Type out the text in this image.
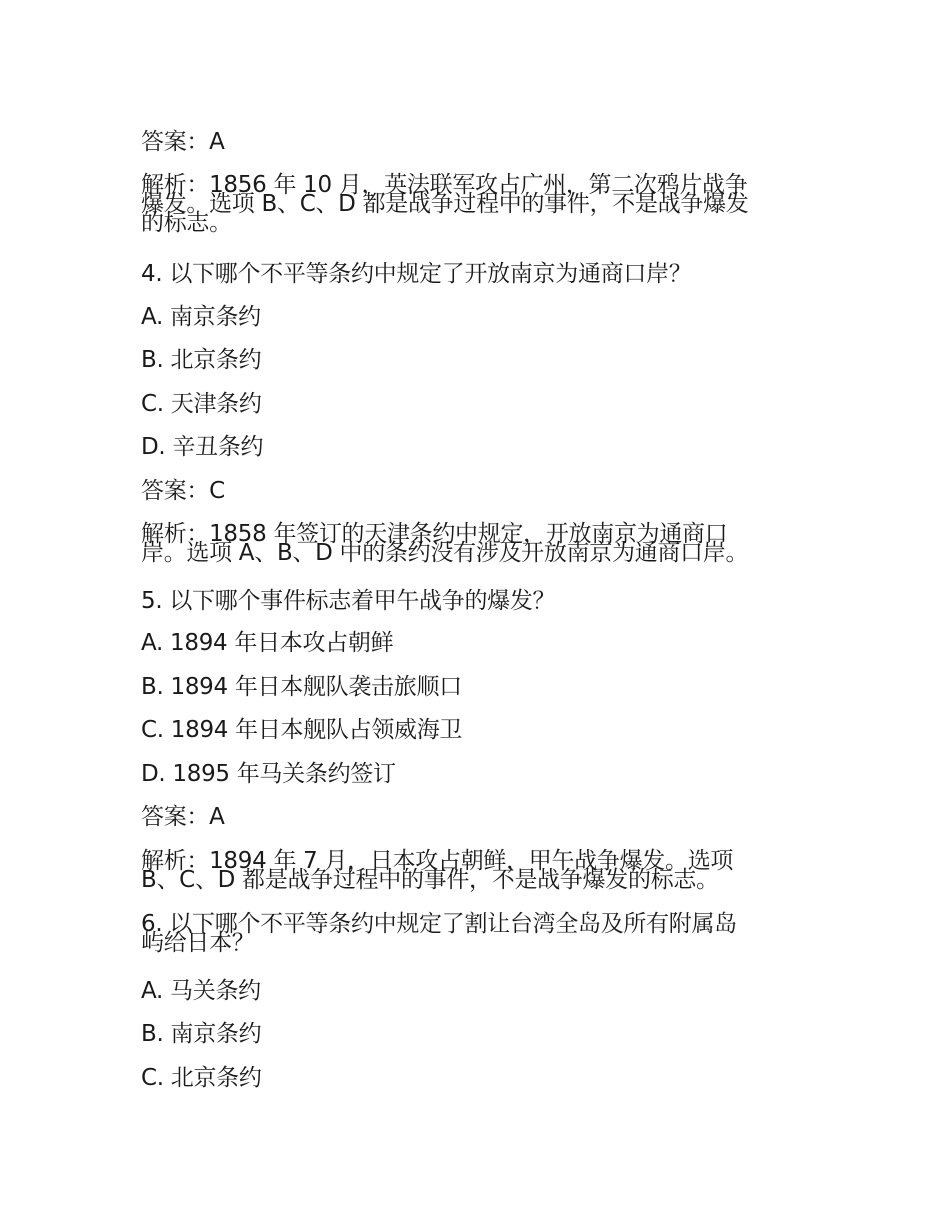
答案：A

解析：1856 年 10 月，英法联军攻占广州，第二次鸦片战争
爆发。选项 B、C、D 都是战争过程中的事件，不是战争爆发
的标志。

4. 以下哪个不平等条约中规定了开放南京为通商口岸？

A. 南京条约

B. 北京条约

C. 天津条约

D. 辛丑条约

答案：C

解析：1858 年签订的天津条约中规定，开放南京为通商口
岸。选项 A、B、D 中的条约没有涉及开放南京为通商口岸。

5. 以下哪个事件标志着甲午战争的爆发？

A. 1894 年日本攻占朝鲜

B. 1894 年日本舰队袭击旅顺口

C. 1894 年日本舰队占领威海卫

D. 1895 年马关条约签订

答案：A

解析：1894 年 7 月，日本攻占朝鲜，甲午战争爆发。选项
B、C、D 都是战争过程中的事件，不是战争爆发的标志。
6. 以下哪个不平等条约中规定了割让台湾全岛及所有附属岛
屿给日本？

A. 马关条约

B. 南京条约

C. 北京条约
